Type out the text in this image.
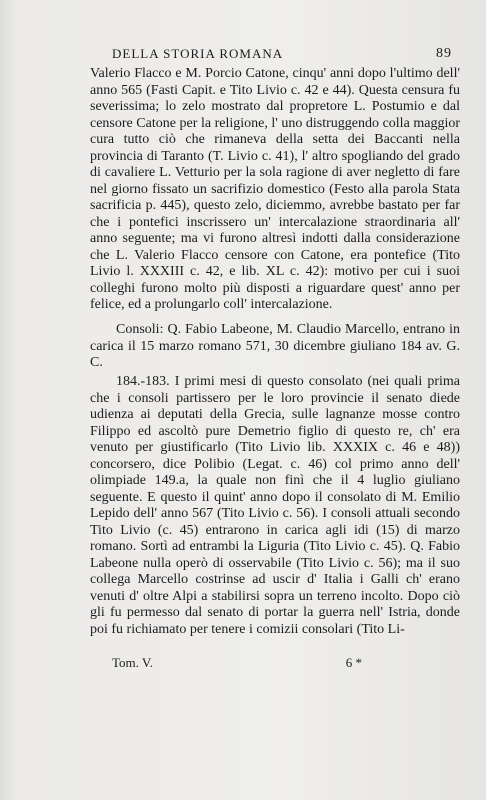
DELLA STORIA ROMANA	89

Valerio Flacco e M. Porcio Catone, cinqu' anni dopo l'ultimo dell' anno 565 (Fasti Capit. e Tito Livio c. 42 e 44). Questa censura fu severissima; lo zelo mostrato dal propretore L. Postumio e dal censore Catone per la religione, l' uno distruggendo colla maggior cura tutto ciò che rimaneva della setta dei Baccanti nella provincia di Taranto (T. Livio c. 41), l' altro spogliando del grado di cavaliere L. Vetturio per la sola ragione di aver negletto di fare nel giorno fissato un sacrifizio domestico (Festo alla parola Stata sacrificia p. 445), questo zelo, diciemmo, avrebbe bastato per far che i pontefici inscrissero un' intercalazione straordinaria all' anno seguente; ma vi furono altresì indotti dalla considerazione che L. Valerio Flacco censore con Catone, era pontefice (Tito Livio l. XXXIII c. 42, e lib. XL c. 42): motivo per cui i suoi colleghi furono molto più disposti a riguardare quest' anno per felice, ed a prolungarlo coll' intercalazione.

Consoli: Q. Fabio Labeone, M. Claudio Marcello, entrano in carica il 15 marzo romano 571, 30 dicembre giuliano 184 av. G. C.

184.-183. I primi mesi di questo consolato (nei quali prima che i consoli partissero per le loro provincie il senato diede udienza ai deputati della Grecia, sulle lagnanze mosse contro Filippo ed ascoltò pure Demetrio figlio di questo re, ch' era venuto per giustificarlo (Tito Livio lib. XXXIX c. 46 e 48)) concorsero, dice Polibio (Legat. c. 46) col primo anno dell' olimpiade 149.a, la quale non finì che il 4 luglio giuliano seguente. E questo il quint' anno dopo il consolato di M. Emilio Lepido dell' anno 567 (Tito Livio c. 56). I consoli attuali secondo Tito Livio (c. 45) entrarono in carica agli idi (15) di marzo romano. Sortì ad entrambi la Liguria (Tito Livio c. 45). Q. Fabio Labeone nulla operò di osservabile (Tito Livio c. 56); ma il suo collega Marcello costrinse ad uscir d' Italia i Galli ch' erano venuti d' oltre Alpi a stabilirsi sopra un terreno incolto. Dopo ciò gli fu permesso dal senato di portar la guerra nell' Istria, donde poi fu richiamato per tenere i comizii consolari (Tito Li-

Tom. V.	6 *
